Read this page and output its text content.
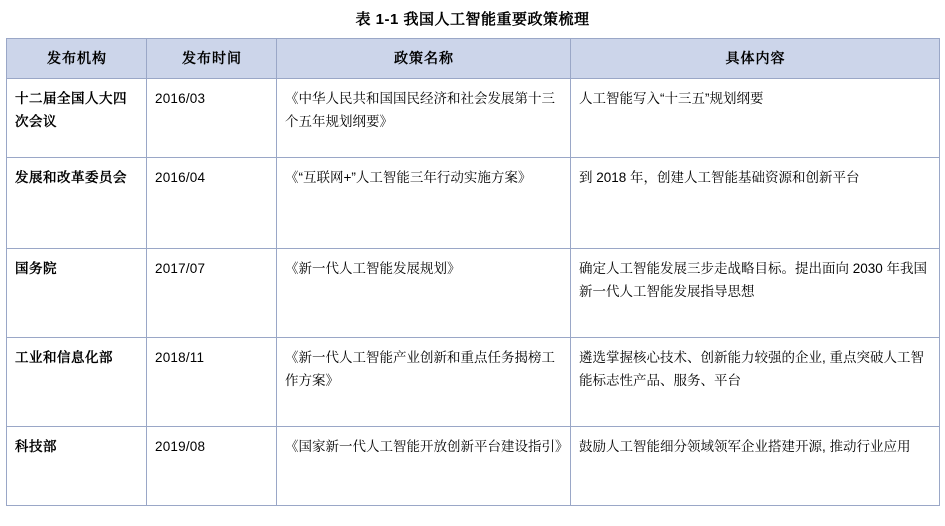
表 1-1 我国人工智能重要政策梳理
发布机构	发布时间	政策名称	具体内容
十二届全国人大四次会议	2016/03	《中华人民共和国国民经济和社会发展第十三个五年规划纲要》	人工智能写入“十三五”规划纲要
发展和改革委员会	2016/04	《“互联网+”人工智能三年行动实施方案》	到 2018 年，创建人工智能基础资源和创新平台
国务院	2017/07	《新一代人工智能发展规划》	确定人工智能发展三步走战略目标。提出面向 2030 年我国新一代人工智能发展指导思想
工业和信息化部	2018/11	《新一代人工智能产业创新和重点任务揭榜工作方案》	遴选掌握核心技术、创新能力较强的企业, 重点突破人工智能标志性产品、服务、平台
科技部	2019/08	《国家新一代人工智能开放创新平台建设指引》	鼓励人工智能细分领域领军企业搭建开源, 推动行业应用
